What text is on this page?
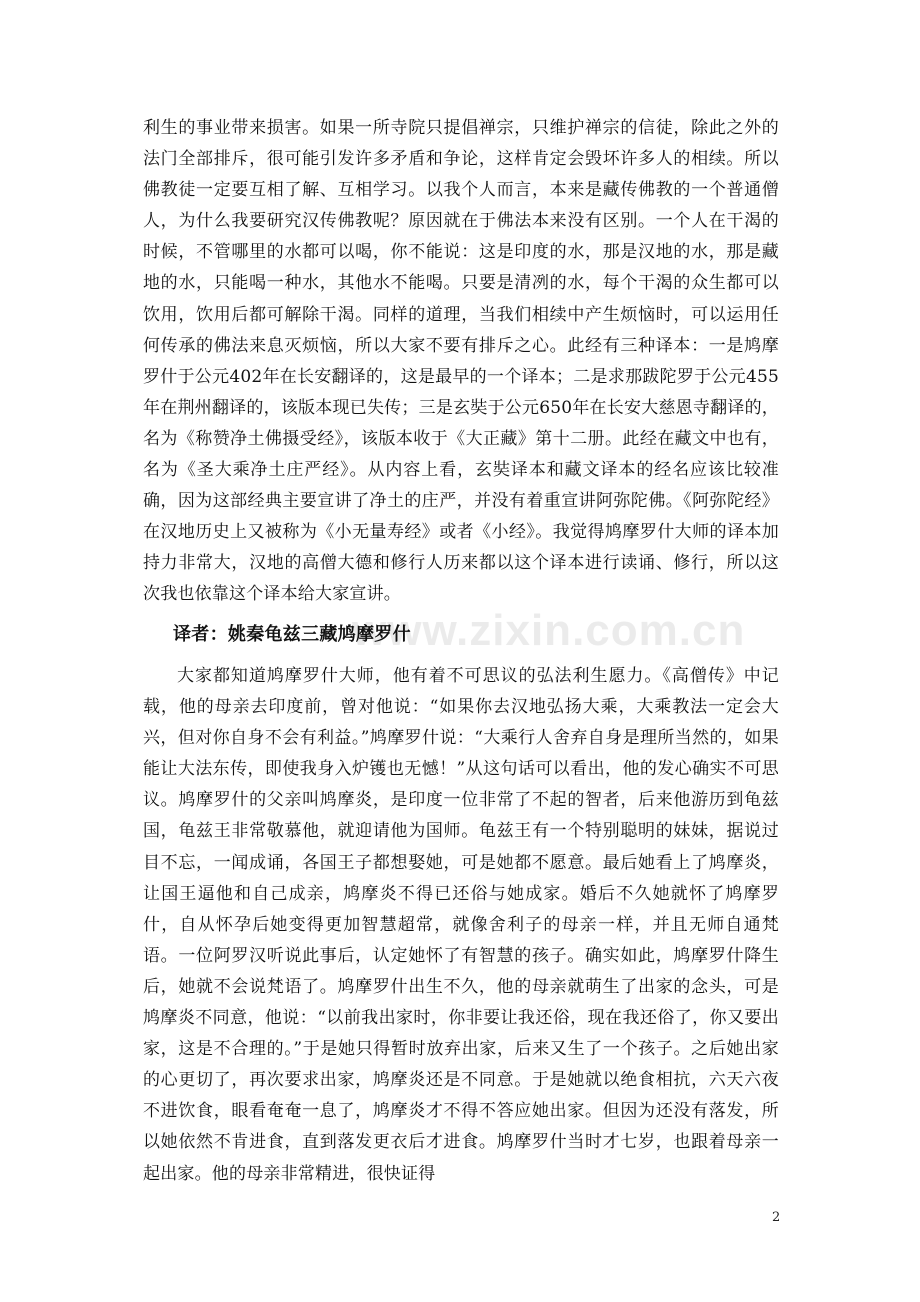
www.zixin.com.cn

利生的事业带来损害。如果一所寺院只提倡禅宗，只维护禅宗的信徒，除此之外的法门全部排斥，很可能引发许多矛盾和争论，这样肯定会毁坏许多人的相续。所以佛教徒一定要互相了解、互相学习。以我个人而言，本来是藏传佛教的一个普通僧人，为什么我要研究汉传佛教呢？原因就在于佛法本来没有区别。一个人在干渴的时候，不管哪里的水都可以喝，你不能说：这是印度的水，那是汉地的水，那是藏地的水，只能喝一种水，其他水不能喝。只要是清冽的水，每个干渴的众生都可以饮用，饮用后都可解除干渴。同样的道理，当我们相续中产生烦恼时，可以运用任何传承的佛法来息灭烦恼，所以大家不要有排斥之心。此经有三种译本：一是鸠摩罗什于公元402年在长安翻译的，这是最早的一个译本；二是求那跋陀罗于公元455 年在荆州翻译的，该版本现已失传；三是玄奘于公元650年在长安大慈恩寺翻译的，名为《称赞净土佛摄受经》，该版本收于《大正藏》第十二册。此经在藏文中也有，名为《圣大乘净土庄严经》。从内容上看，玄奘译本和藏文译本的经名应该比较准确，因为这部经典主要宣讲了净土的庄严，并没有着重宣讲阿弥陀佛。《阿弥陀经》在汉地历史上又被称为《小无量寿经》或者《小经》。我觉得鸠摩罗什大师的译本加持力非常大，汉地的高僧大德和修行人历来都以这个译本进行读诵、修行，所以这次我也依靠这个译本给大家宣讲。

译者：姚秦龟兹三藏鸠摩罗什

大家都知道鸠摩罗什大师，他有着不可思议的弘法利生愿力。《高僧传》中记载，他的母亲去印度前，曾对他说：“如果你去汉地弘扬大乘，大乘教法一定会大兴，但对你自身不会有利益。”鸠摩罗什说：“大乘行人舍弃自身是理所当然的，如果能让大法东传，即使我身入炉镬也无憾！”从这句话可以看出，他的发心确实不可思议。鸠摩罗什的父亲叫鸠摩炎，是印度一位非常了不起的智者，后来他游历到龟兹国，龟兹王非常敬慕他，就迎请他为国师。龟兹王有一个特别聪明的妹妹，据说过目不忘，一闻成诵，各国王子都想娶她，可是她都不愿意。最后她看上了鸠摩炎，让国王逼他和自己成亲，鸠摩炎不得已还俗与她成家。婚后不久她就怀了鸠摩罗什，自从怀孕后她变得更加智慧超常，就像舍利子的母亲一样，并且无师自通梵语。一位阿罗汉听说此事后，认定她怀了有智慧的孩子。确实如此，鸠摩罗什降生后，她就不会说梵语了。鸠摩罗什出生不久，他的母亲就萌生了出家的念头，可是鸠摩炎不同意，他说：“以前我出家时，你非要让我还俗，现在我还俗了，你又要出家，这是不合理的。”于是她只得暂时放弃出家，后来又生了一个孩子。之后她出家的心更切了，再次要求出家，鸠摩炎还是不同意。于是她就以绝食相抗，六天六夜不进饮食，眼看奄奄一息了，鸠摩炎才不得不答应她出家。但因为还没有落发，所以她依然不肯进食，直到落发更衣后才进食。鸠摩罗什当时才七岁，也跟着母亲一起出家。他的母亲非常精进，很快证得

2
